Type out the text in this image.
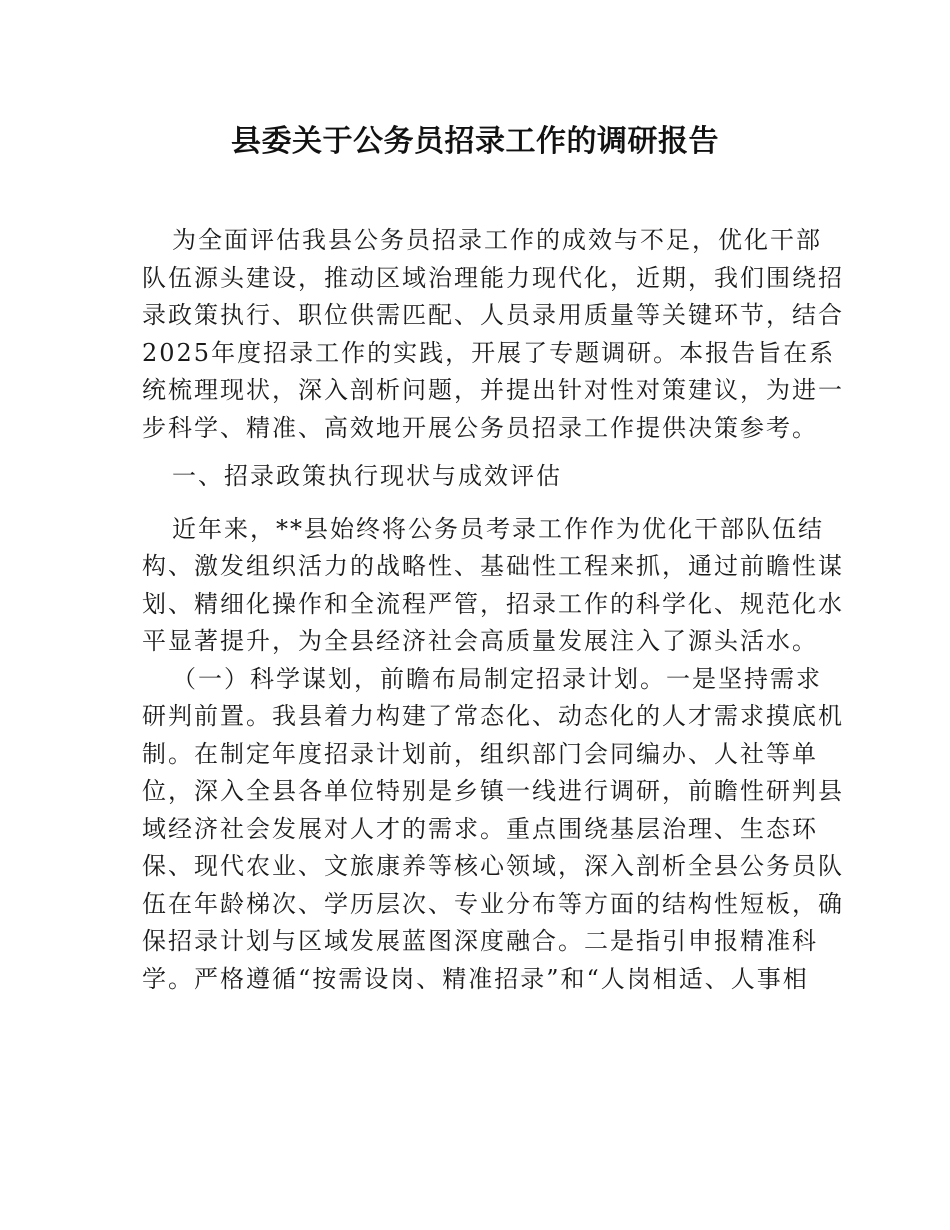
县委关于公务员招录工作的调研报告
为全面评估我县公务员招录工作的成效与不足，优化干部
队伍源头建设，推动区域治理能力现代化，近期，我们围绕招
录政策执行、职位供需匹配、人员录用质量等关键环节，结合
2025年度招录工作的实践，开展了专题调研。本报告旨在系
统梳理现状，深入剖析问题，并提出针对性对策建议，为进一
步科学、精准、高效地开展公务员招录工作提供决策参考。
一、招录政策执行现状与成效评估
近年来，**县始终将公务员考录工作作为优化干部队伍结
构、激发组织活力的战略性、基础性工程来抓，通过前瞻性谋
划、精细化操作和全流程严管，招录工作的科学化、规范化水
平显著提升，为全县经济社会高质量发展注入了源头活水。
（一）科学谋划，前瞻布局制定招录计划。一是坚持需求
研判前置。我县着力构建了常态化、动态化的人才需求摸底机
制。在制定年度招录计划前，组织部门会同编办、人社等单
位，深入全县各单位特别是乡镇一线进行调研，前瞻性研判县
域经济社会发展对人才的需求。重点围绕基层治理、生态环
保、现代农业、文旅康养等核心领域，深入剖析全县公务员队
伍在年龄梯次、学历层次、专业分布等方面的结构性短板，确
保招录计划与区域发展蓝图深度融合。二是指引申报精准科
学。严格遵循“按需设岗、精准招录”和“人岗相适、人事相
